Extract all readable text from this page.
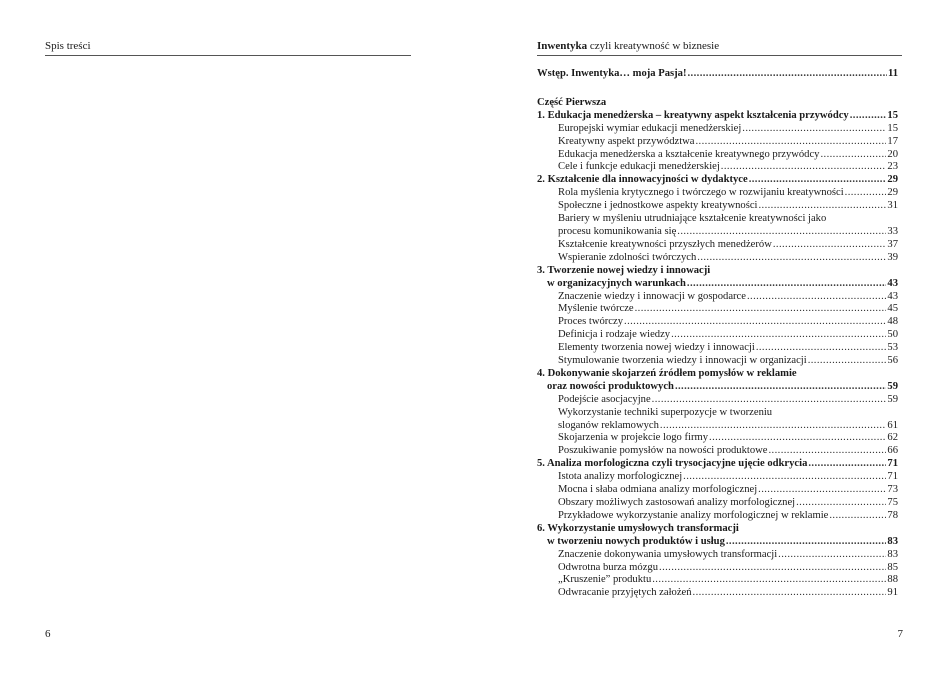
Spis treści
6
Inwentyka czyli kreatywność w biznesie
Wstęp. Inwentyka… moja Pasja! .....	11
Część Pierwsza
1. Edukacja menedżerska – kreatywny aspekt kształcenia przywódcy .....	15
Europejski wymiar edukacji menedżerskiej .....	15
Kreatywny aspekt przywództwa .....	17
Edukacja menedżerska a kształcenie kreatywnego przywódcy .....	20
Cele i funkcje edukacji menedżerskiej .....	23
2. Kształcenie dla innowacyjności w dydaktyce .....	29
Rola myślenia krytycznego i twórczego w rozwijaniu kreatywności .....	29
Społeczne i jednostkowe aspekty kreatywności .....	31
Bariery w myśleniu utrudniające kształcenie kreatywności jako
procesu komunikowania się .....	33
Kształcenie kreatywności przyszłych menedżerów .....	37
Wspieranie zdolności twórczych .....	39
3. Tworzenie nowej wiedzy i innowacji
w organizacyjnych warunkach .....	43
Znaczenie wiedzy i innowacji w gospodarce .....	43
Myślenie twórcze .....	45
Proces twórczy .....	48
Definicja i rodzaje wiedzy .....	50
Elementy tworzenia nowej wiedzy i innowacji .....	53
Stymulowanie tworzenia wiedzy i innowacji w organizacji .....	56
4. Dokonywanie skojarzeń źródłem pomysłów w reklamie
oraz nowości produktowych .....	59
Podejście asocjacyjne .....	59
Wykorzystanie techniki superpozycje w tworzeniu
sloganów reklamowych .....	61
Skojarzenia w projekcie logo firmy .....	62
Poszukiwanie pomysłów na nowości produktowe .....	66
5. Analiza morfologiczna czyli trysocjacyjne ujęcie odkrycia .....	71
Istota analizy morfologicznej .....	71
Mocna i słaba odmiana analizy morfologicznej .....	73
Obszary możliwych zastosowań analizy morfologicznej .....	75
Przykładowe wykorzystanie analizy morfologicznej w reklamie .....	78
6. Wykorzystanie umysłowych transformacji
w tworzeniu nowych produktów i usług .....	83
Znaczenie dokonywania umysłowych transformacji .....	83
Odwrotna burza mózgu .....	85
„Kruszenie” produktu .....	88
Odwracanie przyjętych założeń .....	91
7
